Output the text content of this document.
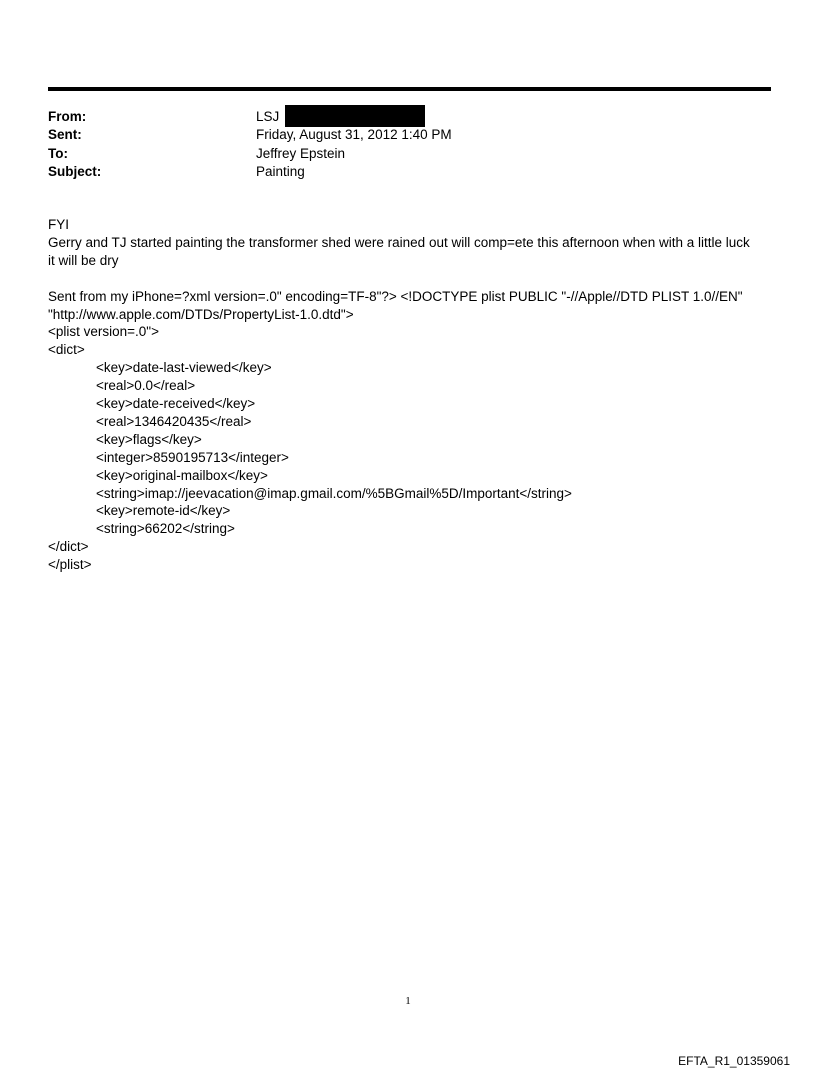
From:	LSJ
Sent:	Friday, August 31, 2012 1:40 PM
To:	Jeffrey Epstein
Subject:	Painting

FYI

Gerry and TJ started painting the transformer shed were rained out will comp=ete this afternoon when with a little luck

it will be dry

Sent from my iPhone=?xml version=.0" encoding=TF-8"?> <!DOCTYPE plist PUBLIC "-//Apple//DTD PLIST 1.0//EN"

"http://www.apple.com/DTDs/PropertyList-1.0.dtd">

<plist version=.0">

<dict>

<key>date-last-viewed</key>

<real>0.0</real>

<key>date-received</key>

<real>1346420435</real>

<key>flags</key>

<integer>8590195713</integer>

<key>original-mailbox</key>

<string>imap://jeevacation@imap.gmail.com/%5BGmail%5D/Important</string>

<key>remote-id</key>

<string>66202</string>

</dict>

</plist>

1
EFTA_R1_01359061
